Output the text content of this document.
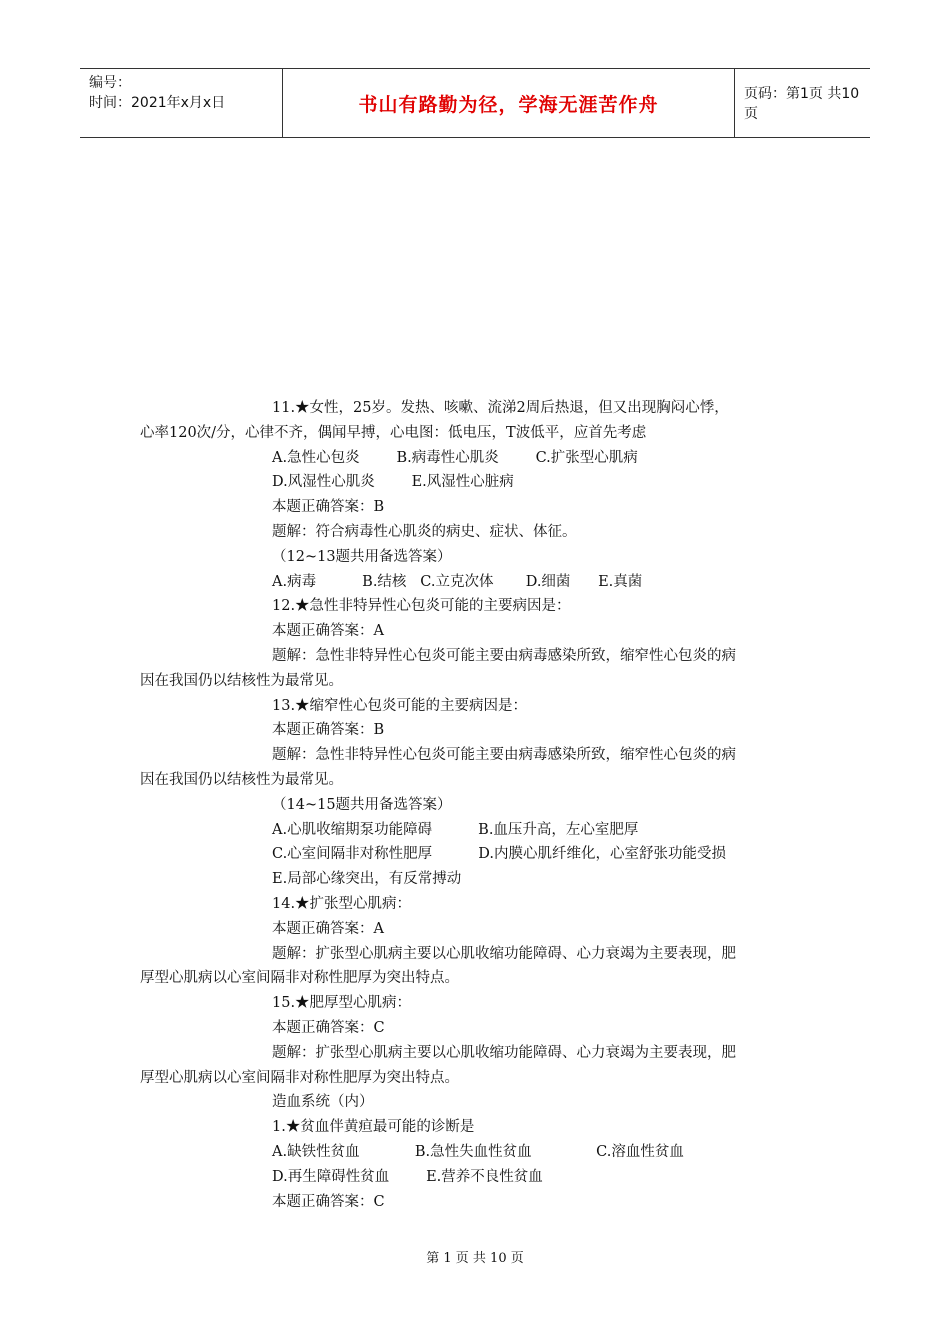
编号：
时间：2021年x月x日	书山有路勤为径，学海无涯苦作舟	页码：第1页 共10页
11.★女性，25岁。发热、咳嗽、流涕2周后热退，但又出现胸闷心悸，
心率120次/分，心律不齐，偶闻早搏，心电图：低电压，T波低平，应首先考虑
A.急性心包炎        B.病毒性心肌炎        C.扩张型心肌病
D.风湿性心肌炎        E.风湿性心脏病
本题正确答案：B
题解：符合病毒性心肌炎的病史、症状、体征。
（12~13题共用备选答案）
A.病毒          B.结核   C.立克次体       D.细菌      E.真菌
12.★急性非特异性心包炎可能的主要病因是：
本题正确答案：A
题解：急性非特异性心包炎可能主要由病毒感染所致，缩窄性心包炎的病
因在我国仍以结核性为最常见。
13.★缩窄性心包炎可能的主要病因是：
本题正确答案：B
题解：急性非特异性心包炎可能主要由病毒感染所致，缩窄性心包炎的病
因在我国仍以结核性为最常见。
（14~15题共用备选答案）
A.心肌收缩期泵功能障碍          B.血压升高，左心室肥厚
C.心室间隔非对称性肥厚          D.内膜心肌纤维化，心室舒张功能受损
E.局部心缘突出，有反常搏动
14.★扩张型心肌病：
本题正确答案：A
题解：扩张型心肌病主要以心肌收缩功能障碍、心力衰竭为主要表现，肥
厚型心肌病以心室间隔非对称性肥厚为突出特点。
15.★肥厚型心肌病：
本题正确答案：C
题解：扩张型心肌病主要以心肌收缩功能障碍、心力衰竭为主要表现，肥
厚型心肌病以心室间隔非对称性肥厚为突出特点。
造血系统（内）
1.★贫血伴黄疸最可能的诊断是
A.缺铁性贫血            B.急性失血性贫血              C.溶血性贫血
D.再生障碍性贫血        E.营养不良性贫血
本题正确答案：C
第 1 页 共 10 页
